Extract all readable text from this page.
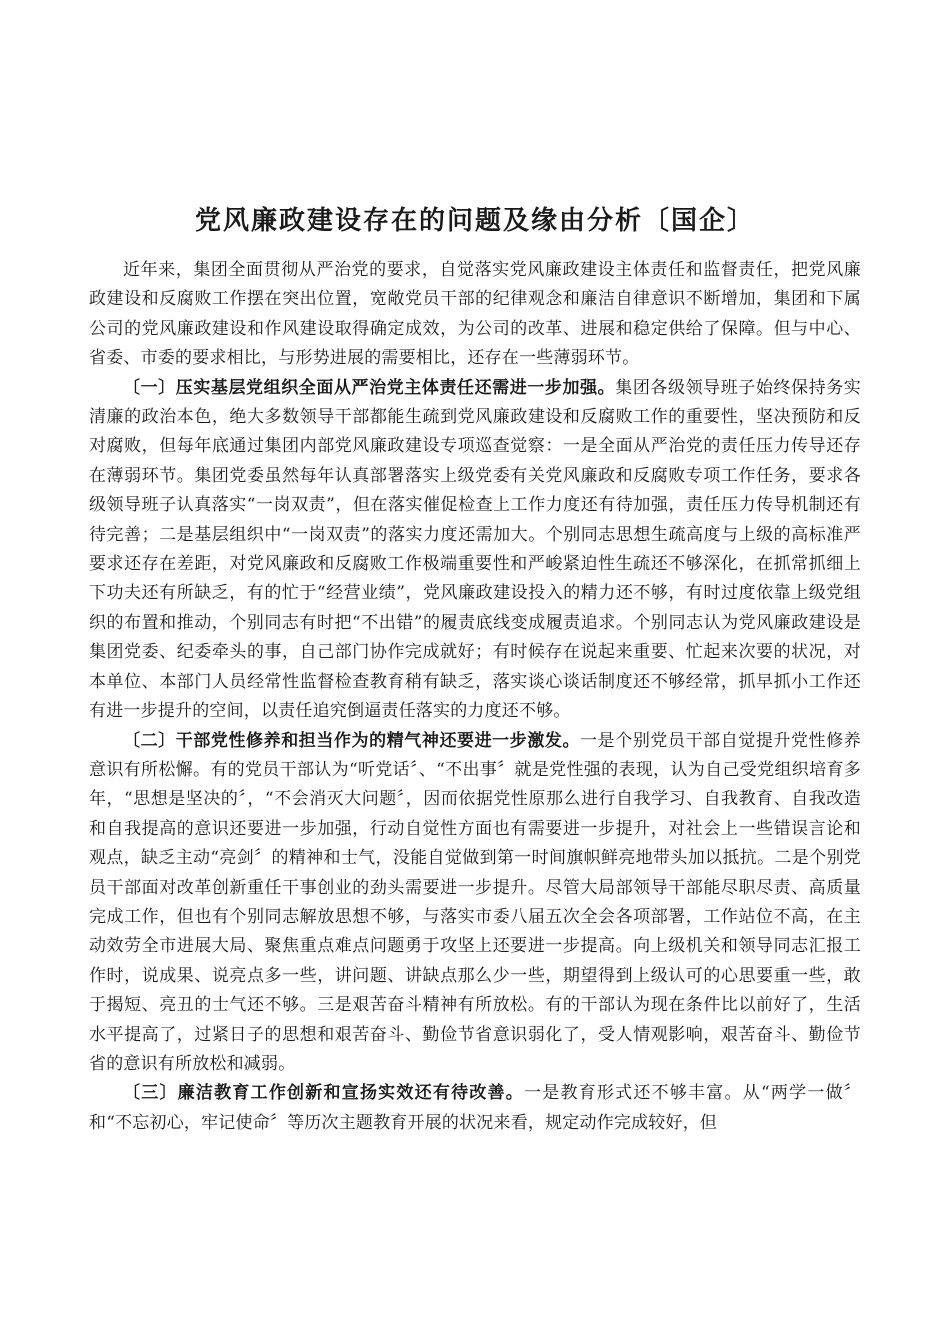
党风廉政建设存在的问题及缘由分析〔国企〕

近年来，集团全面贯彻从严治党的要求，自觉落实党风廉政建设主体责任和监督责任，把党风廉政建设和反腐败工作摆在突出位置，宽敞党员干部的纪律观念和廉洁自律意识不断增加，集团和下属公司的党风廉政建设和作风建设取得确定成效，为公司的改革、进展和稳定供给了保障。但与中心、省委、市委的要求相比，与形势进展的需要相比，还存在一些薄弱环节。

〔一〕压实基层党组织全面从严治党主体责任还需进一步加强。集团各级领导班子始终保持务实清廉的政治本色，绝大多数领导干部都能生疏到党风廉政建设和反腐败工作的重要性，坚决预防和反对腐败，但每年底通过集团内部党风廉政建设专项巡查觉察：一是全面从严治党的责任压力传导还存在薄弱环节。集团党委虽然每年认真部署落实上级党委有关党风廉政和反腐败专项工作任务，要求各级领导班子认真落实“一岗双责”，但在落实催促检查上工作力度还有待加强，责任压力传导机制还有待完善；二是基层组织中“一岗双责”的落实力度还需加大。个别同志思想生疏高度与上级的高标准严要求还存在差距，对党风廉政和反腐败工作极端重要性和严峻紧迫性生疏还不够深化，在抓常抓细上下功夫还有所缺乏，有的忙于“经营业绩”，党风廉政建设投入的精力还不够，有时过度依靠上级党组织的布置和推动，个别同志有时把“不出错”的履责底线变成履责追求。个别同志认为党风廉政建设是集团党委、纪委牵头的事，自己部门协作完成就好；有时候存在说起来重要、忙起来次要的状况，对本单位、本部门人员经常性监督检查教育稍有缺乏，落实谈心谈话制度还不够经常，抓早抓小工作还有进一步提升的空间，以责任追究倒逼责任落实的力度还不够。

〔二〕干部党性修养和担当作为的精气神还要进一步激发。一是个别党员干部自觉提升党性修养意识有所松懈。有的党员干部认为“听党话〞、“不出事〞就是党性强的表现，认为自己受党组织培育多年，“思想是坚决的〞，“不会消灭大问题〞，因而依据党性原那么进行自我学习、自我教育、自我改造和自我提高的意识还要进一步加强，行动自觉性方面也有需要进一步提升，对社会上一些错误言论和观点，缺乏主动“亮剑〞的精神和士气，没能自觉做到第一时间旗帜鲜亮地带头加以抵抗。二是个别党员干部面对改革创新重任干事创业的劲头需要进一步提升。尽管大局部领导干部能尽职尽责、高质量完成工作，但也有个别同志解放思想不够，与落实市委八届五次全会各项部署，工作站位不高，在主动效劳全市进展大局、聚焦重点难点问题勇于攻坚上还要进一步提高。向上级机关和领导同志汇报工作时，说成果、说亮点多一些，讲问题、讲缺点那么少一些，期望得到上级认可的心思要重一些，敢于揭短、亮丑的士气还不够。三是艰苦奋斗精神有所放松。有的干部认为现在条件比以前好了，生活水平提高了，过紧日子的思想和艰苦奋斗、勤俭节省意识弱化了，受人情观影响，艰苦奋斗、勤俭节省的意识有所放松和减弱。

〔三〕廉洁教育工作创新和宣扬实效还有待改善。一是教育形式还不够丰富。从“两学一做〞和“不忘初心，牢记使命〞等历次主题教育开展的状况来看，规定动作完成较好，但
